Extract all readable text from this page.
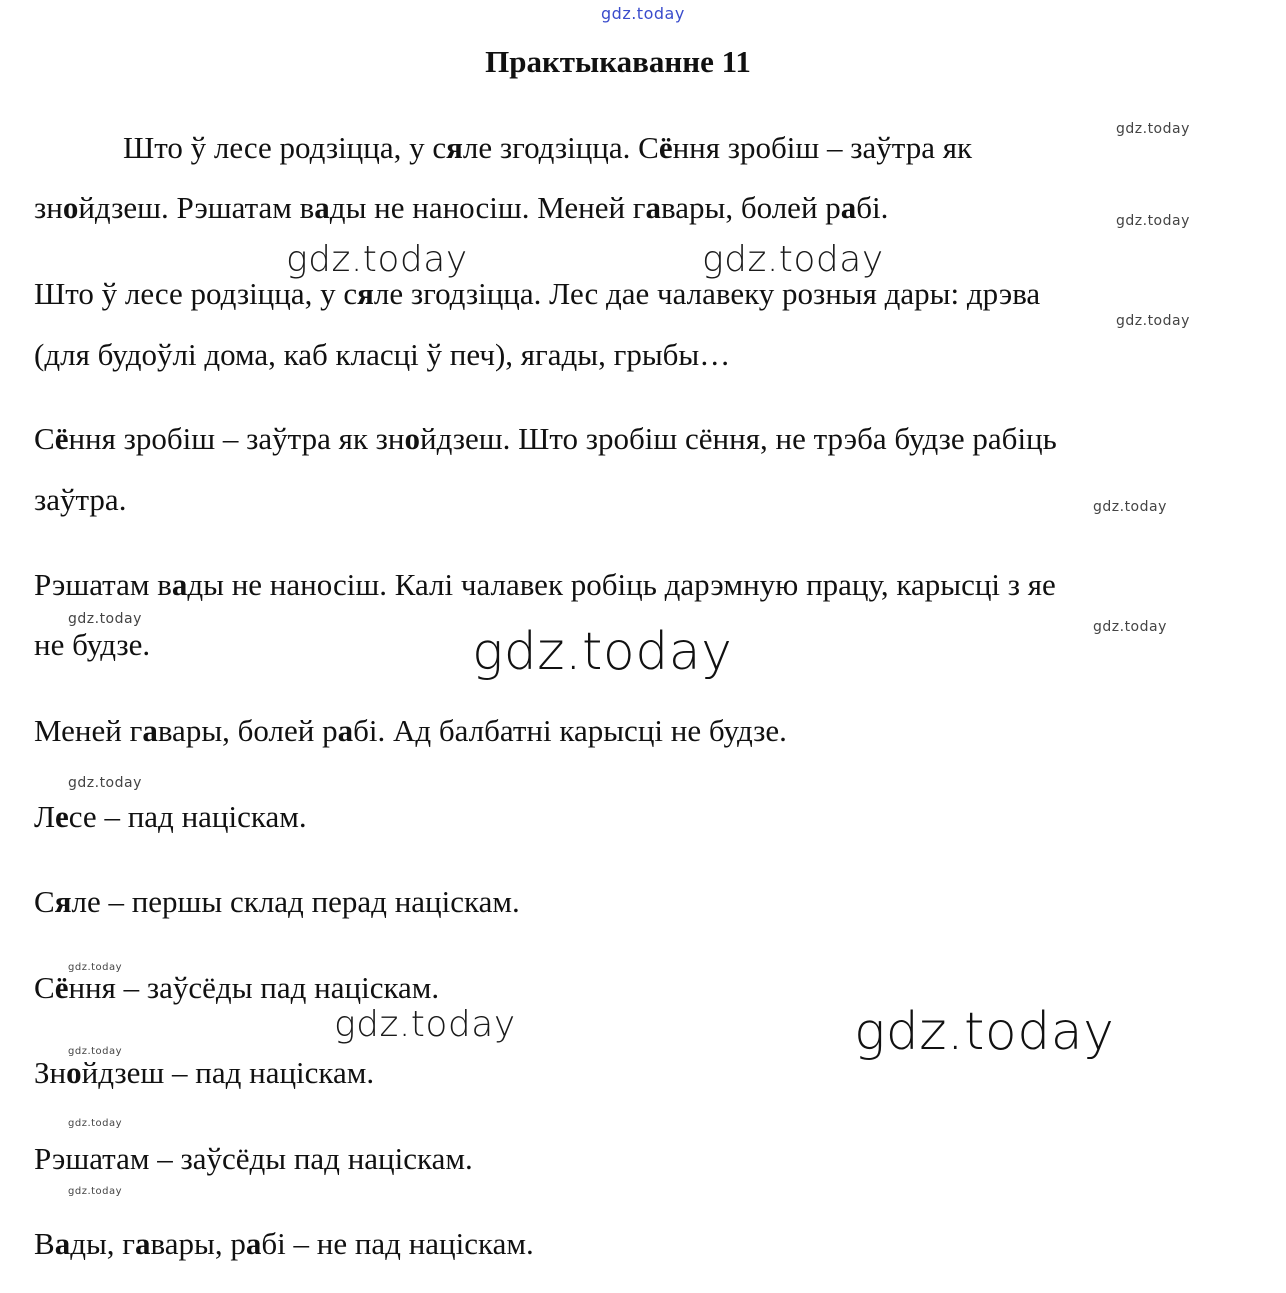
gdz.today
gdz.today
gdz.today
gdz.today	gdz.today
gdz.today
gdz.today
gdz.today	gdz.today
gdz.today
gdz.today
gdz.today
gdz.today	gdz.today
gdz.today
gdz.today
gdz.today
Практыкаванне 11
Што ў лесе родзіцца, у сяле згодзіцца. Сёння зробіш – заўтра як
знойдзеш. Рэшатам вады не наносіш. Меней гавары, болей рабі.
Што ў лесе родзіцца, у сяле згодзіцца. Лес дае чалавеку розныя дары: дрэва
(для будоўлі дома, каб класці ў печ), ягады, грыбы…
Сёння зробіш – заўтра як знойдзеш. Што зробіш сёння, не трэба будзе рабіць
заўтра.
Рэшатам вады не наносіш. Калі чалавек робіць дарэмную працу, карысці з яе
не будзе.
Меней гавары, болей рабі. Ад балбатні карысці не будзе.
Лесе – пад націскам.
Сяле – першы склад перад націскам.
Сёння – заўсёды пад націскам.
Знойдзеш – пад націскам.
Рэшатам – заўсёды пад націскам.
Вады, гавары, рабі – не пад націскам.
